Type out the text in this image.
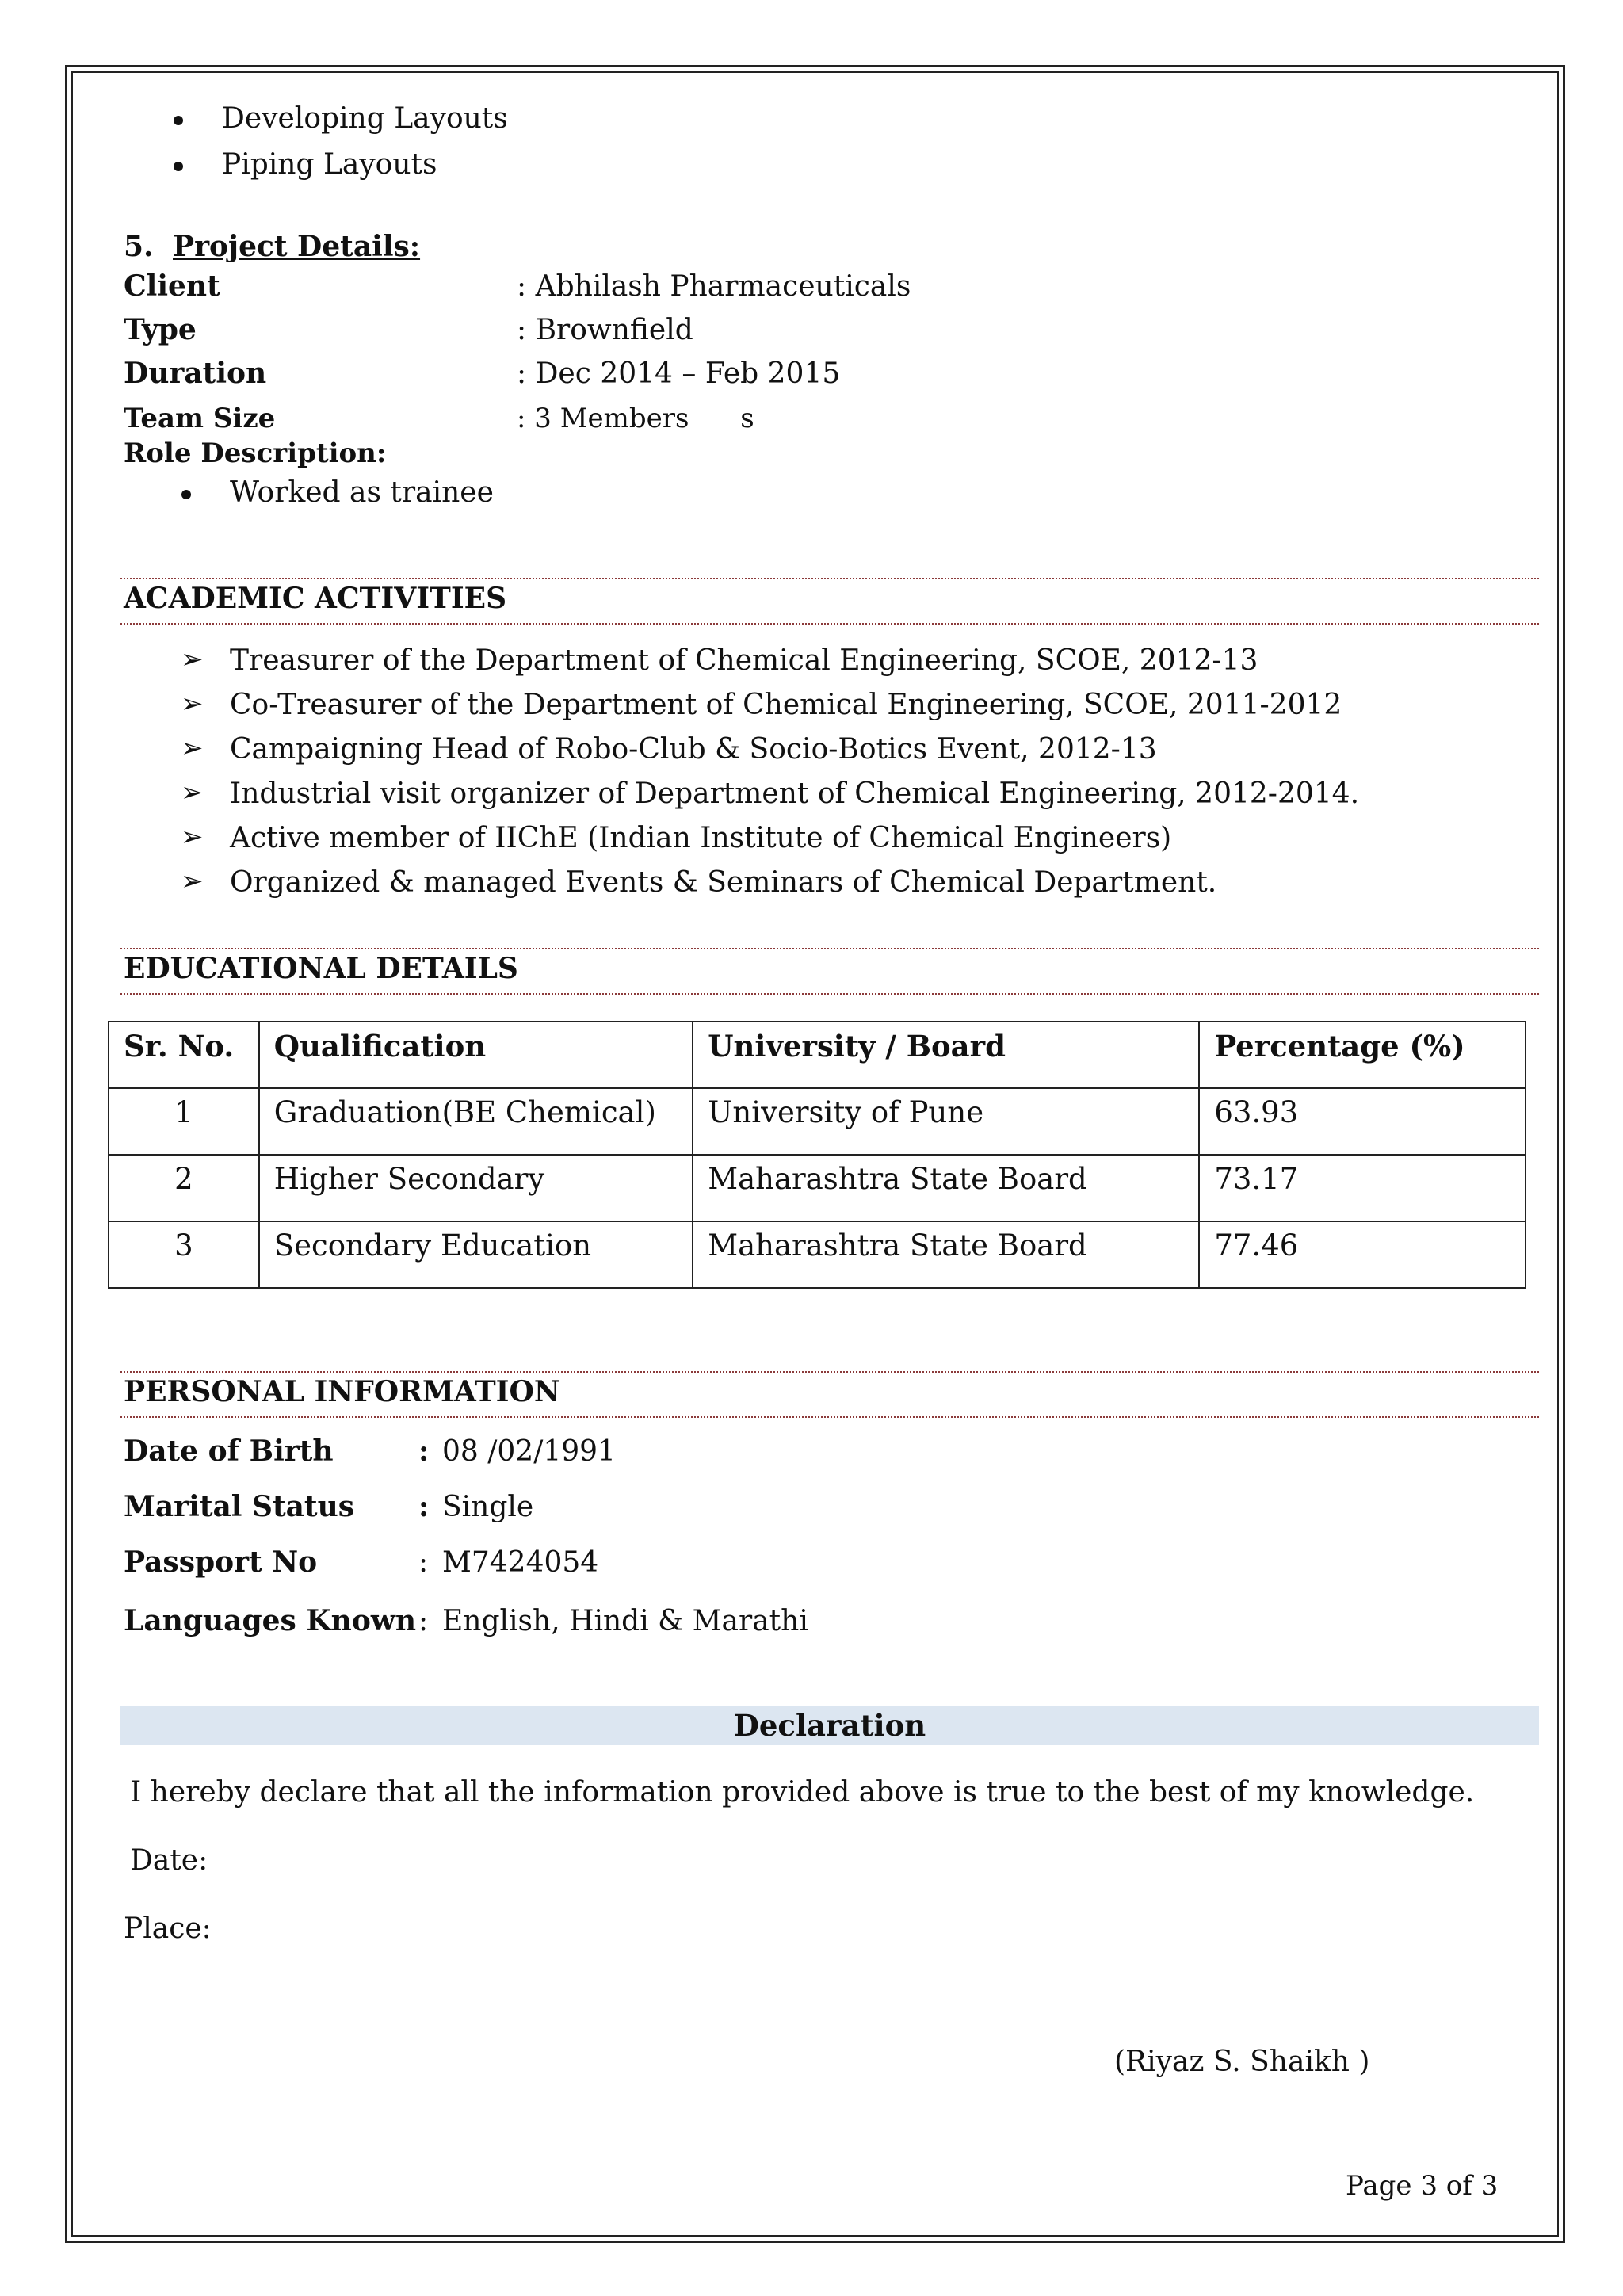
Developing Layouts
Piping Layouts
5. Project Details:
Client	: Abhilash Pharmaceuticals
Type	: Brownfield
Duration	: Dec 2014 – Feb 2015
Team Size	: 3 Members      s
Role Description:
Worked as trainee
ACADEMIC ACTIVITIES
➢ Treasurer of the Department of Chemical Engineering, SCOE, 2012-13
➢ Co-Treasurer of the Department of Chemical Engineering, SCOE, 2011-2012
➢ Campaigning Head of Robo-Club & Socio-Botics Event, 2012-13
➢ Industrial visit organizer of Department of Chemical Engineering, 2012-2014.
➢ Active member of IIChE (Indian Institute of Chemical Engineers)
➢ Organized & managed Events & Seminars of Chemical Department.
EDUCATIONAL DETAILS
Sr. No.	Qualification	University / Board	Percentage (%)
1	Graduation(BE Chemical)	University of Pune	63.93
2	Higher Secondary	Maharashtra State Board	73.17
3	Secondary Education	Maharashtra State Board	77.46
PERSONAL INFORMATION
Date of Birth	: 08 /02/1991
Marital Status : Single
Passport No	: M7424054
Languages Known : English, Hindi & Marathi
Declaration
I hereby declare that all the information provided above is true to the best of my knowledge.
Date:
Place:
(Riyaz S. Shaikh )
Page 3 of 3
